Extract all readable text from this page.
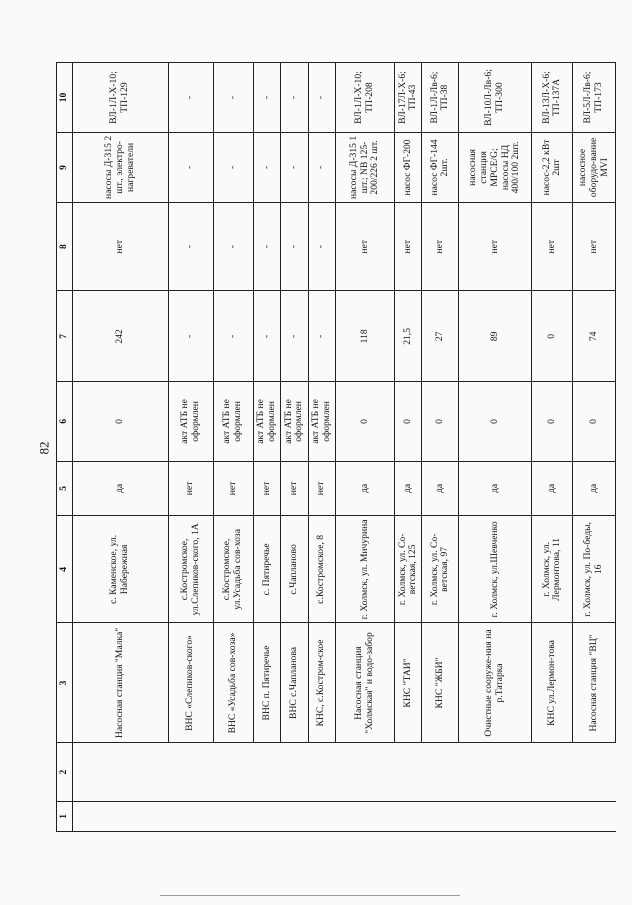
82
1	2	3	4	5	6	7	8	9	10
		Насосная станция "Малка"	с. Каменское, ул. Набережная	да	0	242	нет	насосы Д-315 2 шт., электро-нагреватели	ВЛ-1Л-Х-10; ТП-129
		ВНС «Слепиков-ского»	с.Костромское, ул.Слепиков-ского, 1А	нет	акт АТБ не оформлен	-	-	-	-
		ВНС «Усадьба сов-хоза»	с.Костромское, ул.Усадьба сов-хоза	нет	акт АТБ не оформлен	-	-	-	-
		ВНС п. Пятиречье	с. Пятиречье	нет	акт АТБ не оформлен	-	-	-	-
		ВНС с.Чапланова	с.Чапланово	нет	акт АТБ не оформлен	-	-	-	-
		КНС, с.Костром-ское	с.Костромское, 8	нет	акт АТБ не оформлен	-	-	-	-
		Насосная станция "Холмская" и водо-забор	г. Холмск, ул. Мичурина	да	0	118	нет	насосы Д-315 1 шт.; NB 125-200/226 2 шт.	ВЛ-1Л-Х-10; ТП-208
		КНС "ТАИ"	г. Холмск, ул. Со-ветская, 125	да	0	21,5	нет	насос ФГ-200	ВЛ-17Л-Х-6; ТП-43
		КНС "ЖБИ"	г. Холмск, ул. Со-ветская, 97	да	0	27	нет	насос ФГ-144 2шт.	ВЛ-1Л-Лв-6; ТП-38
		Очистные сооруже-ния на р.Татарка	г. Холмск, ул.Шевченко	да	0	89	нет	насосная станция MPCE/G; насосы НД 400/100 2шт.	ВЛ-10Л-Лв-6; ТП-300
		КНС ул.Лермон-това	г. Холмск, ул. Лермонтова, 11	да	0	0	нет	насос-2,2 кВт 2шт	ВЛ-13Л-Х-6; ТП-137А
		Насосная станция "ВЦ"	г. Холмск, ул. По-беды, 16	да	0	74	нет	насосное оборудо-вание MVI	ВЛ-5Л-Лв-6; ТП-173
